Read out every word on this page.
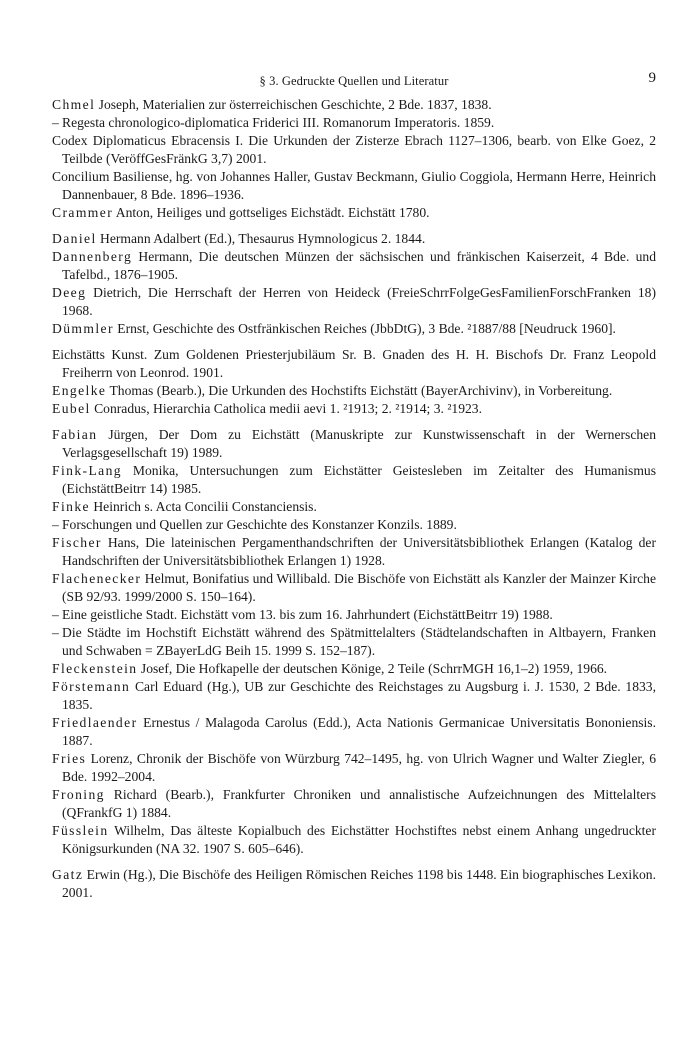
§ 3. Gedruckte Quellen und Literatur	9

Chmel Joseph, Materialien zur österreichischen Geschichte, 2 Bde. 1837, 1838.

– Regesta chronologico-diplomatica Friderici III. Romanorum Imperatoris. 1859.

Codex Diplomaticus Ebracensis I. Die Urkunden der Zisterze Ebrach 1127–1306, bearb. von Elke Goez, 2 Teilbde (VeröffGesFränkG 3,7) 2001.

Concilium Basiliense, hg. von Johannes Haller, Gustav Beckmann, Giulio Coggiola, Hermann Herre, Heinrich Dannenbauer, 8 Bde. 1896–1936.

Crammer Anton, Heiliges und gottseliges Eichstädt. Eichstätt 1780.

Daniel Hermann Adalbert (Ed.), Thesaurus Hymnologicus 2. 1844.

Dannenberg Hermann, Die deutschen Münzen der sächsischen und fränkischen Kaiserzeit, 4 Bde. und Tafelbd., 1876–1905.

Deeg Dietrich, Die Herrschaft der Herren von Heideck (FreieSchrrFolgeGesFamilienForschFranken 18) 1968.

Dümmler Ernst, Geschichte des Ostfränkischen Reiches (JbbDtG), 3 Bde. ²1887/88 [Neudruck 1960].

Eichstätts Kunst. Zum Goldenen Priesterjubiläum Sr. B. Gnaden des H. H. Bischofs Dr. Franz Leopold Freiherrn von Leonrod. 1901.

Engelke Thomas (Bearb.), Die Urkunden des Hochstifts Eichstätt (BayerArchivinv), in Vorbereitung.

Eubel Conradus, Hierarchia Catholica medii aevi 1. ²1913; 2. ²1914; 3. ²1923.

Fabian Jürgen, Der Dom zu Eichstätt (Manuskripte zur Kunstwissenschaft in der Wernerschen Verlagsgesellschaft 19) 1989.

Fink-Lang Monika, Untersuchungen zum Eichstätter Geistesleben im Zeitalter des Humanismus (EichstättBeitrr 14) 1985.

Finke Heinrich s. Acta Concilii Constanciensis.

– Forschungen und Quellen zur Geschichte des Konstanzer Konzils. 1889.

Fischer Hans, Die lateinischen Pergamenthandschriften der Universitätsbibliothek Erlangen (Katalog der Handschriften der Universitätsbibliothek Erlangen 1) 1928.

Flachenecker Helmut, Bonifatius und Willibald. Die Bischöfe von Eichstätt als Kanzler der Mainzer Kirche (SB 92/93. 1999/2000 S. 150–164).

– Eine geistliche Stadt. Eichstätt vom 13. bis zum 16. Jahrhundert (EichstättBeitrr 19) 1988.

– Die Städte im Hochstift Eichstätt während des Spätmittelalters (Städtelandschaften in Altbayern, Franken und Schwaben = ZBayerLdG Beih 15. 1999 S. 152–187).

Fleckenstein Josef, Die Hofkapelle der deutschen Könige, 2 Teile (SchrrMGH 16,1–2) 1959, 1966.

Förstemann Carl Eduard (Hg.), UB zur Geschichte des Reichstages zu Augsburg i. J. 1530, 2 Bde. 1833, 1835.

Friedlaender Ernestus / Malagoda Carolus (Edd.), Acta Nationis Germanicae Universitatis Bononiensis. 1887.

Fries Lorenz, Chronik der Bischöfe von Würzburg 742–1495, hg. von Ulrich Wagner und Walter Ziegler, 6 Bde. 1992–2004.

Froning Richard (Bearb.), Frankfurter Chroniken und annalistische Aufzeichnungen des Mittelalters (QFrankfG 1) 1884.

Füsslein Wilhelm, Das älteste Kopialbuch des Eichstätter Hochstiftes nebst einem Anhang ungedruckter Königsurkunden (NA 32. 1907 S. 605–646).

Gatz Erwin (Hg.), Die Bischöfe des Heiligen Römischen Reiches 1198 bis 1448. Ein biographisches Lexikon. 2001.
